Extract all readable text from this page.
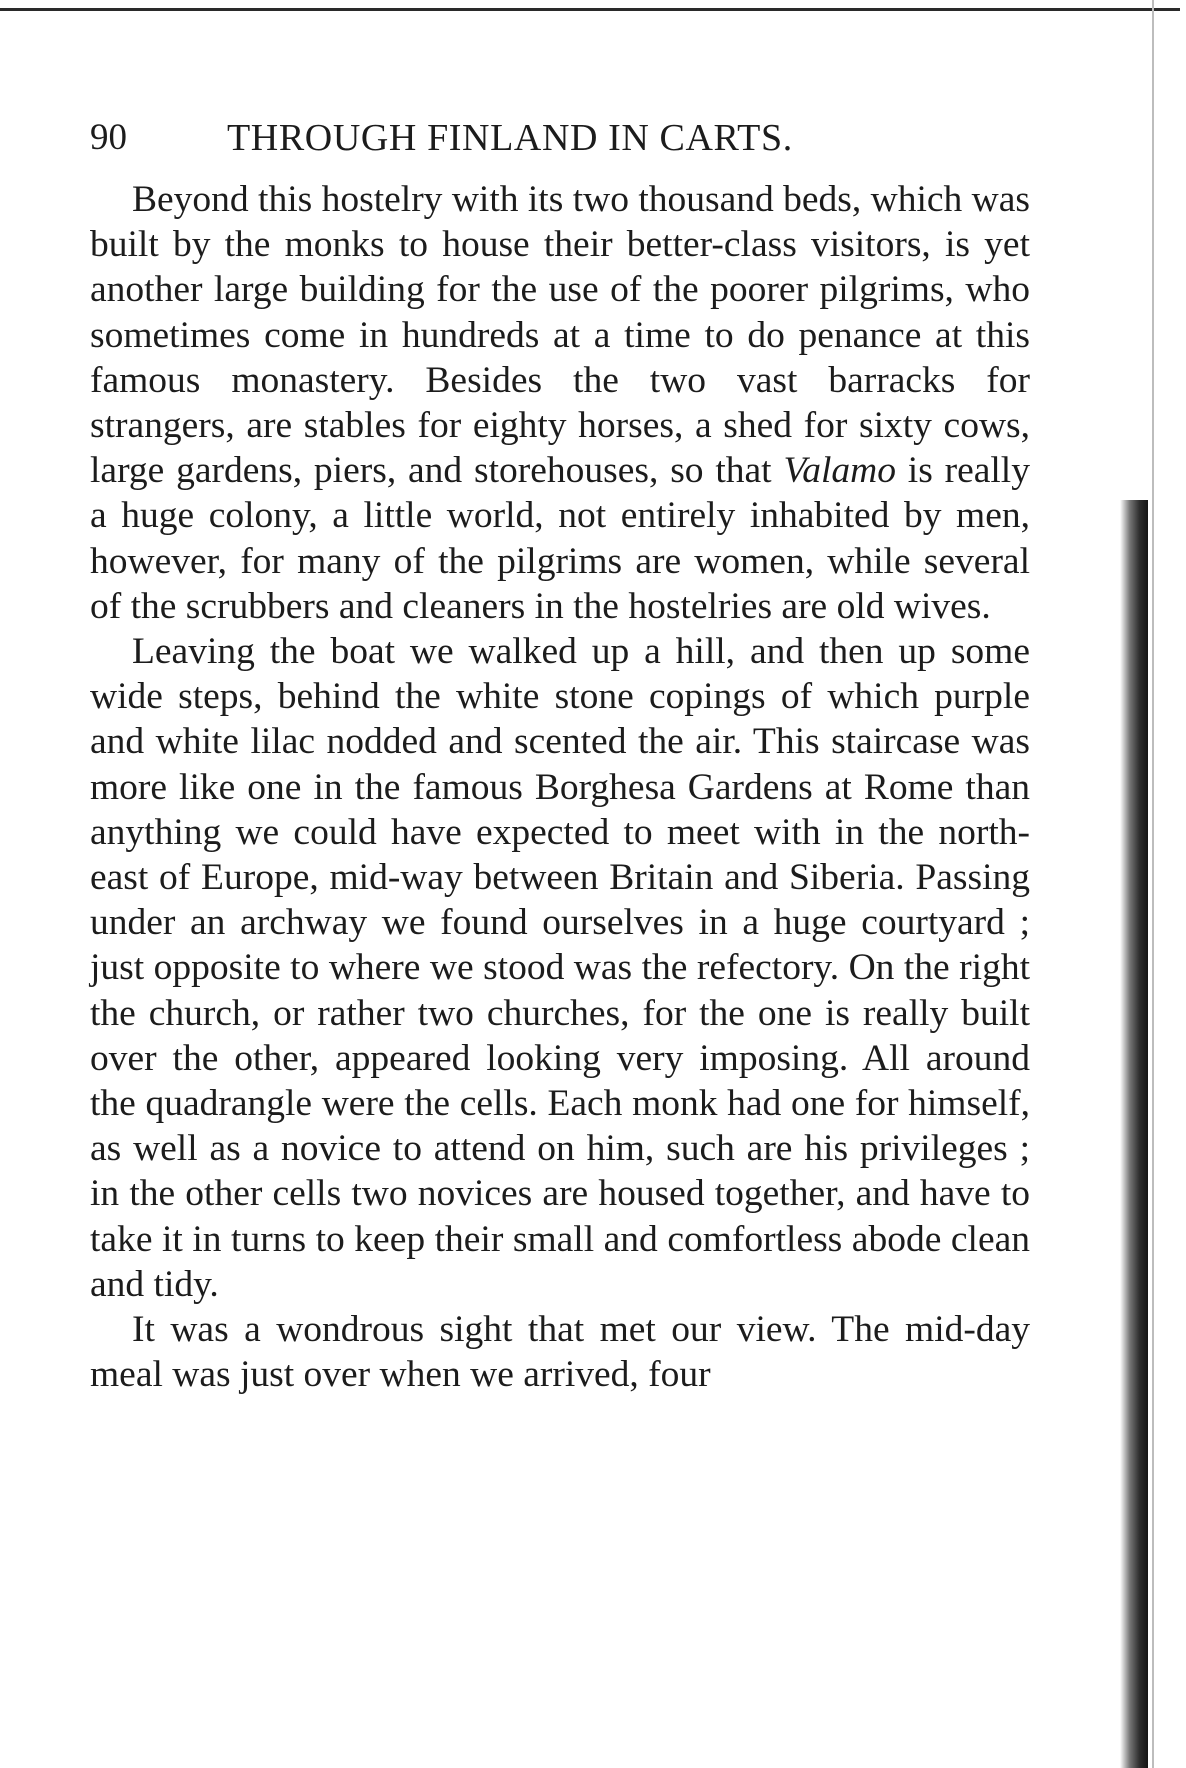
90	THROUGH FINLAND IN CARTS.

Beyond this hostelry with its two thousand beds, which was built by the monks to house their better-class visitors, is yet another large building for the use of the poorer pilgrims, who sometimes come in hundreds at a time to do penance at this famous monastery. Besides the two vast barracks for strangers, are stables for eighty horses, a shed for sixty cows, large gardens, piers, and storehouses, so that Valamo is really a huge colony, a little world, not entirely inhabited by men, however, for many of the pilgrims are women, while several of the scrubbers and cleaners in the hostelries are old wives.

Leaving the boat we walked up a hill, and then up some wide steps, behind the white stone copings of which purple and white lilac nodded and scented the air. This staircase was more like one in the famous Borghesa Gardens at Rome than anything we could have expected to meet with in the north-east of Europe, mid-way between Britain and Siberia. Passing under an archway we found ourselves in a huge courtyard ; just opposite to where we stood was the refectory. On the right the church, or rather two churches, for the one is really built over the other, appeared looking very imposing. All around the quadrangle were the cells. Each monk had one for himself, as well as a novice to attend on him, such are his privileges ; in the other cells two novices are housed together, and have to take it in turns to keep their small and comfortless abode clean and tidy.

It was a wondrous sight that met our view. The mid-day meal was just over when we arrived, four
